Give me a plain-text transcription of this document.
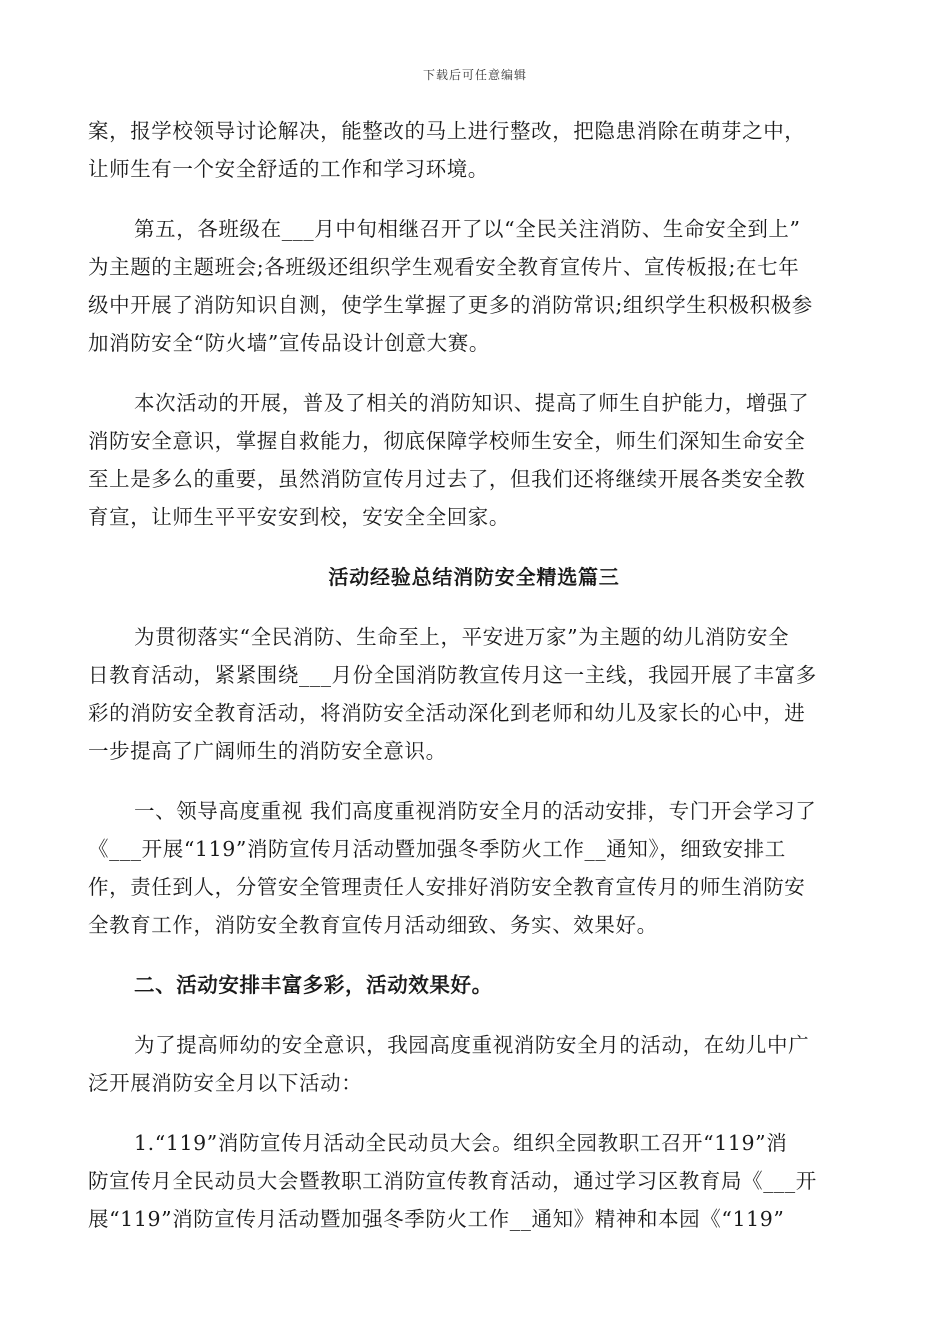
下载后可任意编辑
案，报学校领导讨论解决，能整改的马上进行整改，把隐患消除在萌芽之中，
让师生有一个安全舒适的工作和学习环境。
第五，各班级在___月中旬相继召开了以“全民关注消防、生命安全到上”
为主题的主题班会;各班级还组织学生观看安全教育宣传片、宣传板报;在七年
级中开展了消防知识自测，使学生掌握了更多的消防常识;组织学生积极积极参
加消防安全“防火墙”宣传品设计创意大赛。
本次活动的开展，普及了相关的消防知识、提高了师生自护能力，增强了
消防安全意识，掌握自救能力，彻底保障学校师生安全，师生们深知生命安全
至上是多么的重要，虽然消防宣传月过去了，但我们还将继续开展各类安全教
育宣，让师生平平安安到校，安安全全回家。
活动经验总结消防安全精选篇三
为贯彻落实“全民消防、生命至上，平安进万家”为主题的幼儿消防安全
日教育活动，紧紧围绕___月份全国消防教宣传月这一主线，我园开展了丰富多
彩的消防安全教育活动，将消防安全活动深化到老师和幼儿及家长的心中，进
一步提高了广阔师生的消防安全意识。
一、领导高度重视 我们高度重视消防安全月的活动安排，专门开会学习了
《___开展“119”消防宣传月活动暨加强冬季防火工作__通知》，细致安排工
作，责任到人，分管安全管理责任人安排好消防安全教育宣传月的师生消防安
全教育工作，消防安全教育宣传月活动细致、务实、效果好。
二、活动安排丰富多彩，活动效果好。
为了提高师幼的安全意识，我园高度重视消防安全月的活动，在幼儿中广
泛开展消防安全月以下活动：
1.“119”消防宣传月活动全民动员大会。组织全园教职工召开“119”消
防宣传月全民动员大会暨教职工消防宣传教育活动，通过学习区教育局《___开
展“119”消防宣传月活动暨加强冬季防火工作__通知》精神和本园《“119”
